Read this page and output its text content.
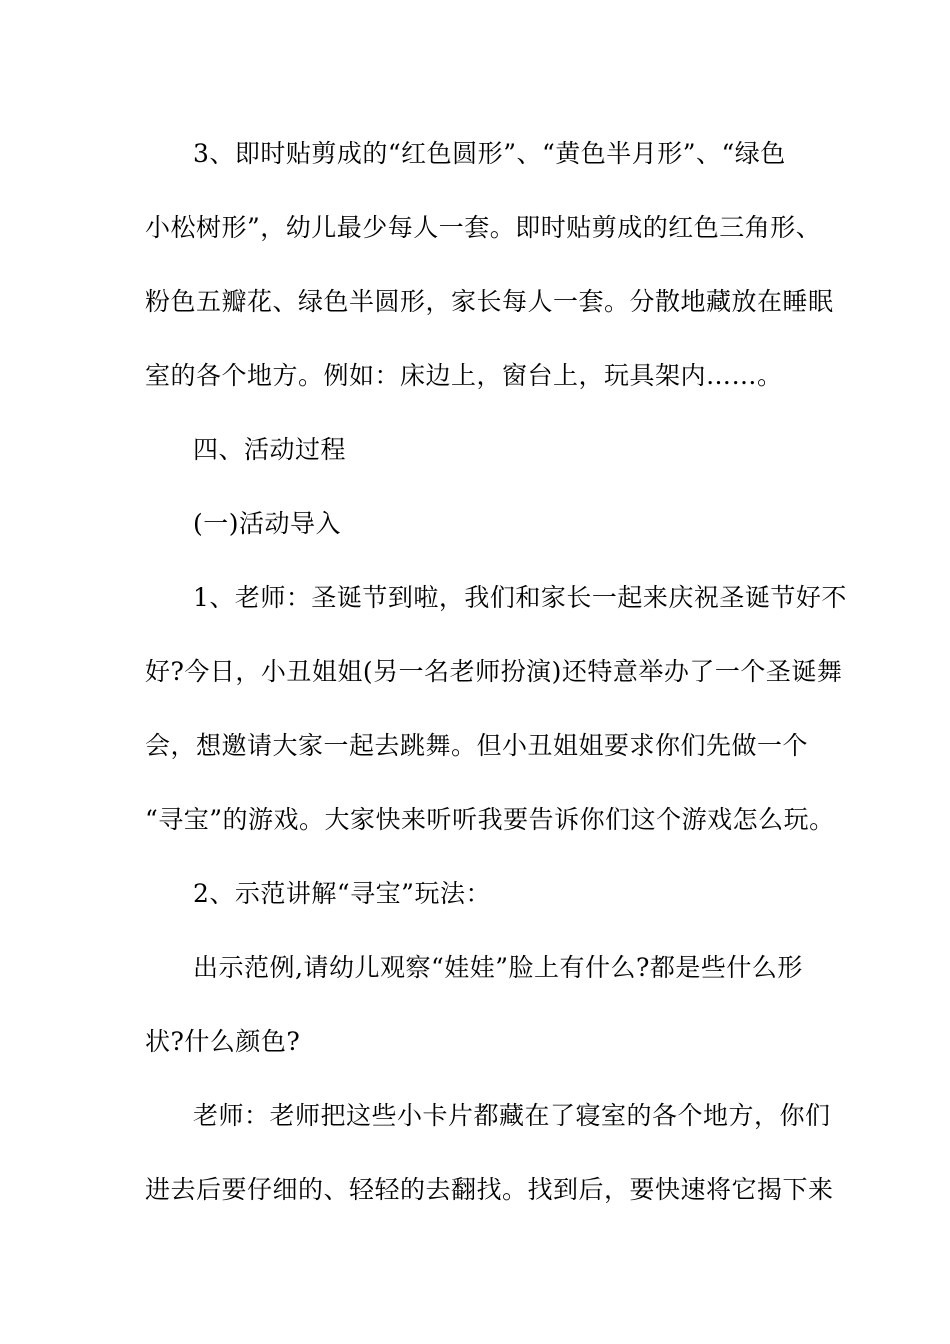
3、即时贴剪成的“红色圆形”、“黄色半月形”、“绿色
小松树形”，幼儿最少每人一套。即时贴剪成的红色三角形、
粉色五瓣花、绿色半圆形，家长每人一套。分散地藏放在睡眠
室的各个地方。例如：床边上，窗台上，玩具架内……。
四、活动过程
(一)活动导入
1、老师：圣诞节到啦，我们和家长一起来庆祝圣诞节好不
好?今日，小丑姐姐(另一名老师扮演)还特意举办了一个圣诞舞
会，想邀请大家一起去跳舞。但小丑姐姐要求你们先做一个
“寻宝”的游戏。大家快来听听我要告诉你们这个游戏怎么玩。
2、示范讲解“寻宝”玩法：
出示范例,请幼儿观察“娃娃”脸上有什么?都是些什么形
状?什么颜色?
老师：老师把这些小卡片都藏在了寝室的各个地方，你们
进去后要仔细的、轻轻的去翻找。找到后，要快速将它揭下来
